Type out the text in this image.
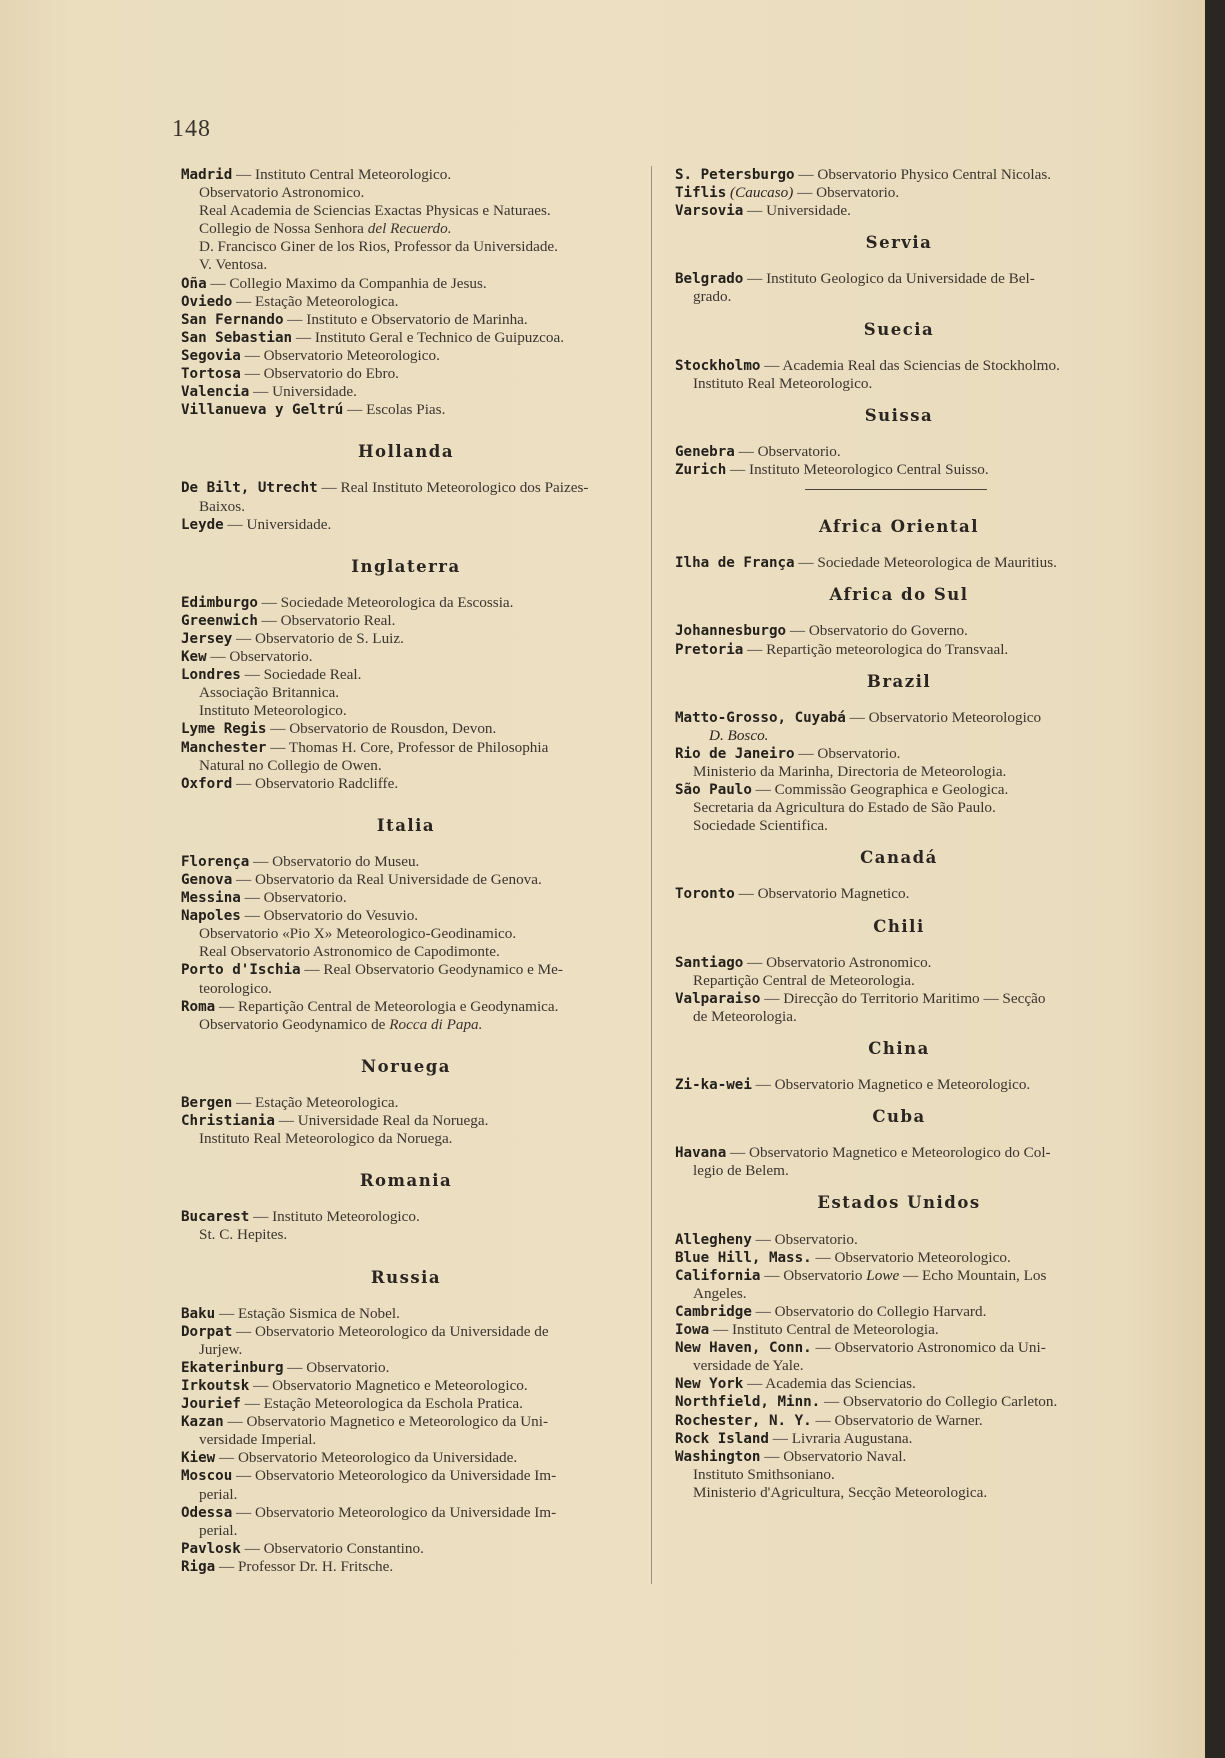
148

Madrid — Instituto Central Meteorologico.

Observatorio Astronomico.

Real Academia de Sciencias Exactas Physicas e Naturaes.

Collegio de Nossa Senhora del Recuerdo.

D. Francisco Giner de los Rios, Professor da Universidade.

V. Ventosa.

Oña — Collegio Maximo da Companhia de Jesus.

Oviedo — Estação Meteorologica.

San Fernando — Instituto e Observatorio de Marinha.

San Sebastian — Instituto Geral e Technico de Guipuzcoa.

Segovia — Observatorio Meteorologico.

Tortosa — Observatorio do Ebro.

Valencia — Universidade.

Villanueva y Geltrú — Escolas Pias.

Hollanda

De Bilt, Utrecht — Real Instituto Meteorologico dos Paizes-

Baixos.

Leyde — Universidade.

Inglaterra

Edimburgo — Sociedade Meteorologica da Escossia.

Greenwich — Observatorio Real.

Jersey — Observatorio de S. Luiz.

Kew — Observatorio.

Londres — Sociedade Real.

Associação Britannica.

Instituto Meteorologico.

Lyme Regis — Observatorio de Rousdon, Devon.

Manchester — Thomas H. Core, Professor de Philosophia

Natural no Collegio de Owen.

Oxford — Observatorio Radcliffe.

Italia

Florença — Observatorio do Museu.

Genova — Observatorio da Real Universidade de Genova.

Messina — Observatorio.

Napoles — Observatorio do Vesuvio.

Observatorio «Pio X» Meteorologico-Geodinamico.

Real Observatorio Astronomico de Capodimonte.

Porto d'Ischia — Real Observatorio Geodynamico e Me-

teorologico.

Roma — Repartição Central de Meteorologia e Geodynamica.

Observatorio Geodynamico de Rocca di Papa.

Noruega

Bergen — Estação Meteorologica.

Christiania — Universidade Real da Noruega.

Instituto Real Meteorologico da Noruega.

Romania

Bucarest — Instituto Meteorologico.

St. C. Hepites.

Russia

Baku — Estação Sismica de Nobel.

Dorpat — Observatorio Meteorologico da Universidade de

Jurjew.

Ekaterinburg — Observatorio.

Irkoutsk — Observatorio Magnetico e Meteorologico.

Jourief — Estação Meteorologica da Eschola Pratica.

Kazan — Observatorio Magnetico e Meteorologico da Uni-

versidade Imperial.

Kiew — Observatorio Meteorologico da Universidade.

Moscou — Observatorio Meteorologico da Universidade Im-

perial.

Odessa — Observatorio Meteorologico da Universidade Im-

perial.

Pavlosk — Observatorio Constantino.

Riga — Professor Dr. H. Fritsche.

S. Petersburgo — Observatorio Physico Central Nicolas.

Tiflis (Caucaso) — Observatorio.

Varsovia — Universidade.

Servia

Belgrado — Instituto Geologico da Universidade de Bel-

grado.

Suecia

Stockholmo — Academia Real das Sciencias de Stockholmo.

Instituto Real Meteorologico.

Suissa

Genebra — Observatorio.

Zurich — Instituto Meteorologico Central Suisso.

Africa Oriental

Ilha de França — Sociedade Meteorologica de Mauritius.

Africa do Sul

Johannesburgo — Observatorio do Governo.

Pretoria — Repartição meteorologica do Transvaal.

Brazil

Matto-Grosso, Cuyabá — Observatorio Meteorologico

D. Bosco.

Rio de Janeiro — Observatorio.

Ministerio da Marinha, Directoria de Meteorologia.

São Paulo — Commissão Geographica e Geologica.

Secretaria da Agricultura do Estado de São Paulo.

Sociedade Scientifica.

Canadá

Toronto — Observatorio Magnetico.

Chili

Santiago — Observatorio Astronomico.

Repartição Central de Meteorologia.

Valparaiso — Direcção do Territorio Maritimo — Secção

de Meteorologia.

China

Zi-ka-wei — Observatorio Magnetico e Meteorologico.

Cuba

Havana — Observatorio Magnetico e Meteorologico do Col-

legio de Belem.

Estados Unidos

Allegheny — Observatorio.

Blue Hill, Mass. — Observatorio Meteorologico.

California — Observatorio Lowe — Echo Mountain, Los

Angeles.

Cambridge — Observatorio do Collegio Harvard.

Iowa — Instituto Central de Meteorologia.

New Haven, Conn. — Observatorio Astronomico da Uni-

versidade de Yale.

New York — Academia das Sciencias.

Northfield, Minn. — Observatorio do Collegio Carleton.

Rochester, N. Y. — Observatorio de Warner.

Rock Island — Livraria Augustana.

Washington — Observatorio Naval.

Instituto Smithsoniano.

Ministerio d'Agricultura, Secção Meteorologica.
